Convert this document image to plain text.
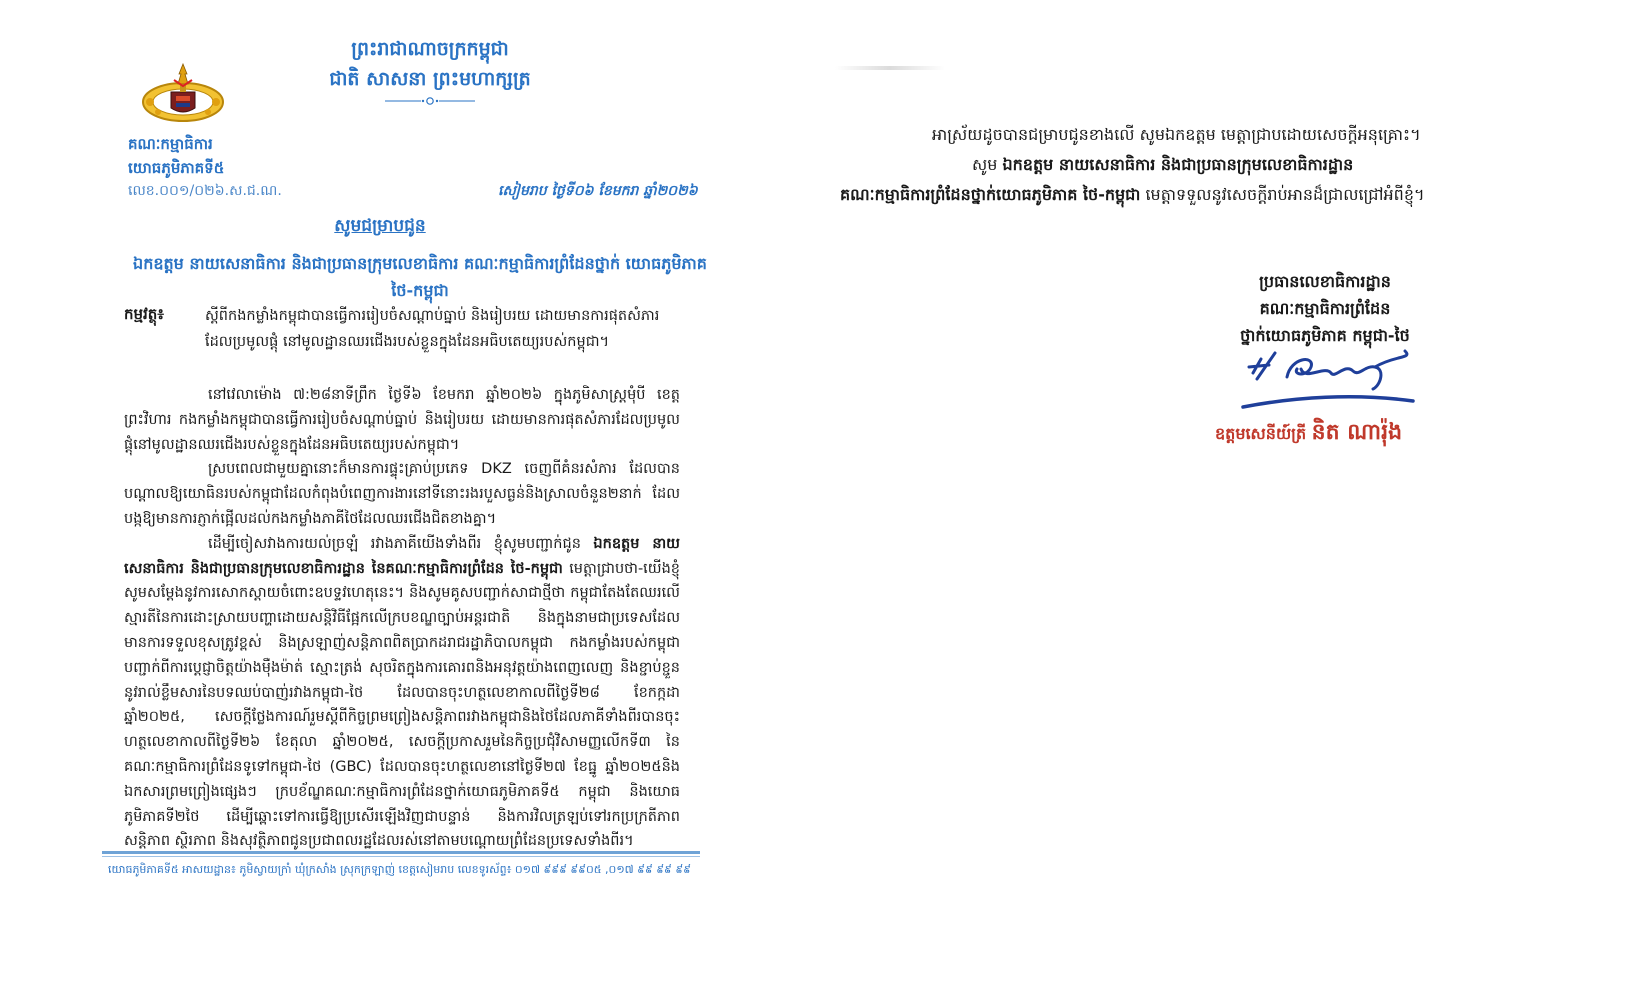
ព្រះរាជាណាចក្រកម្ពុជា
ជាតិ សាសនា ព្រះមហាក្សត្រ
គណៈកម្មាធិការ
យោធភូមិភាគទី៥
លេខ.០០១/០២៦.ស.ជ.ណ.	សៀមរាប ថ្ងៃទី០៦ ខែមករា ឆ្នាំ២០២៦
សូមជម្រាបជូន
ឯកឧត្តម នាយសេនាធិការ និងជាប្រធានក្រុមលេខាធិការ គណៈកម្មាធិការព្រំដែនថ្នាក់ យោធភូមិភាគ ថៃ-កម្ពុជា
កម្មវត្ថុ៖	ស្តីពីកងកម្លាំងកម្ពុជាបានធ្វើការរៀបចំសណ្តាប់ធ្នាប់ និងរៀបរយ ដោយមានការផុតសំភារដែលប្រមូលផ្តុំ នៅមូលដ្ឋានឈរជើងរបស់ខ្លួនក្នុងដែនអធិបតេយ្យរបស់កម្ពុជា។

នៅវេលាម៉ោង ៧:២៨នាទីព្រឹក ថ្ងៃទី៦ ខែមករា ឆ្នាំ២០២៦ ក្នុងភូមិសាស្ត្រមុំបី ខេត្តព្រះវិហារ កងកម្លាំងកម្ពុជាបានធ្វើការរៀបចំសណ្តាប់ធ្នាប់ និងរៀបរយ ដោយមានការផុតសំភារដែលប្រមូលផ្តុំនៅមូលដ្ឋានឈរជើងរបស់ខ្លួនក្នុងដែនអធិបតេយ្យរបស់កម្ពុជា។

ស្របពេលជាមួយគ្នានោះក៏មានការផ្ទុះគ្រាប់ប្រភេទ DKZ ចេញពីគំនរសំភារ ដែលបានបណ្តាលឱ្យយោធិនរបស់កម្ពុជាដែលកំពុងបំពេញការងារនៅទីនោះរងរបួសធ្ងន់និងស្រាលចំនួន២នាក់ ដែលបង្កឱ្យមានការភ្ញាក់ផ្អើលដល់កងកម្លាំងភាគីថៃដែលឈរជើងជិតខាងគ្នា។

ដើម្បីចៀសវាងការយល់ច្រឡំ រវាងភាគីយើងទាំងពីរ ខ្ញុំសូមបញ្ជាក់ជូន ឯកឧត្តម នាយសេនាធិការ និងជាប្រធានក្រុមលេខាធិការដ្ឋាន នៃគណៈកម្មាធិការព្រំដែន ថៃ-កម្ពុជា មេត្តាជ្រាបថា-យើងខ្ញុំសូមសម្តែងនូវការសោកស្តាយចំពោះឧបទ្ទវហេតុនេះ។ និងសូមគូសបញ្ជាក់សាជាថ្មីថា កម្ពុជាតែងតែឈរលើស្មារតីនៃការដោះស្រាយបញ្ហាដោយសន្តិវិធីផ្អែកលើក្របខណ្ឌច្បាប់អន្តរជាតិ និងក្នុងនាមជាប្រទេសដែលមានការទទួលខុសត្រូវខ្ពស់ និងស្រឡាញ់សន្តិភាពពិតប្រាកដរាជរដ្ឋាភិបាលកម្ពុជា កងកម្លាំងរបស់កម្ពុជា បញ្ជាក់ពីការប្តេជ្ញាចិត្តយ៉ាងម៉ឺងម៉ាត់ ស្មោះត្រង់ សុចរិតក្នុងការគោរពនិងអនុវត្តយ៉ាងពេញលេញ និងខ្ជាប់ខ្ជួននូវរាល់ខ្លឹមសារនៃបទឈប់បាញ់រវាងកម្ពុជា-ថៃ ដែលបានចុះហត្ថលេខាកាលពីថ្ងៃទី២៨ ខែកក្កដា ឆ្នាំ២០២៥, សេចក្តីថ្លែងការណ៍រួមស្តីពីកិច្ចព្រមព្រៀងសន្តិភាពរវាងកម្ពុជានិងថៃដែលភាគីទាំងពីរបានចុះហត្ថលេខាកាលពីថ្ងៃទី២៦ ខែតុលា ឆ្នាំ២០២៥, សេចក្តីប្រកាសរួមនៃកិច្ចប្រជុំវិសាមញ្ញលើកទី៣ នៃគណៈកម្មាធិការព្រំដែនទូទៅកម្ពុជា-ថៃ (GBC) ដែលបានចុះហត្ថលេខានៅថ្ងៃទី២៧ ខែធ្នូ ឆ្នាំ២០២៥និងឯកសារព្រមព្រៀងផ្សេងៗ ក្របខ័ណ្ឌគណៈកម្មាធិការព្រំដែនថ្នាក់យោធភូមិភាគទី៥ កម្ពុជា និងយោធភូមិភាគទី២ថៃ ដើម្បីឆ្ពោះទៅការធ្វើឱ្យប្រសើរឡើងវិញជាបន្ទាន់ និងការវិលត្រឡប់ទៅរកប្រក្រតីភាព សន្តិភាព ស្ថិរភាព និងសុវត្ថិភាពជូនប្រជាពលរដ្ឋដែលរស់នៅតាមបណ្តោយព្រំដែនប្រទេសទាំងពីរ។

យោធភូមិភាគទី៥ អាសយដ្ឋាន៖ ភូមិស្វាយក្រាំ ឃុំក្រសាំង ស្រុកក្រឡាញ់ ខេត្តសៀមរាប លេខទូរស័ព្ទ៖ ០១៧ ៩៩៩ ៩៩០៥ ,០១៧ ៩៩ ៩៩ ៩៩

អាស្រ័យដូចបានជម្រាបជូនខាងលើ សូមឯកឧត្តម មេត្តាជ្រាបដោយសេចក្តីអនុគ្រោះ។

សូម ឯកឧត្តម នាយសេនាធិការ និងជាប្រធានក្រុមលេខាធិការដ្ឋាន

គណៈកម្មាធិការព្រំដែនថ្នាក់យោធភូមិភាគ ថៃ-កម្ពុជា មេត្តាទទួលនូវសេចក្តីរាប់អានដ៏ជ្រាលជ្រៅអំពីខ្ញុំ។

ប្រធានលេខាធិការដ្ឋាន
គណៈកម្មាធិការព្រំដែន
ថ្នាក់យោធភូមិភាគ កម្ពុជា-ថៃ
ឧត្តមសេនីយ៍ត្រី និត ណារ៉ុង
